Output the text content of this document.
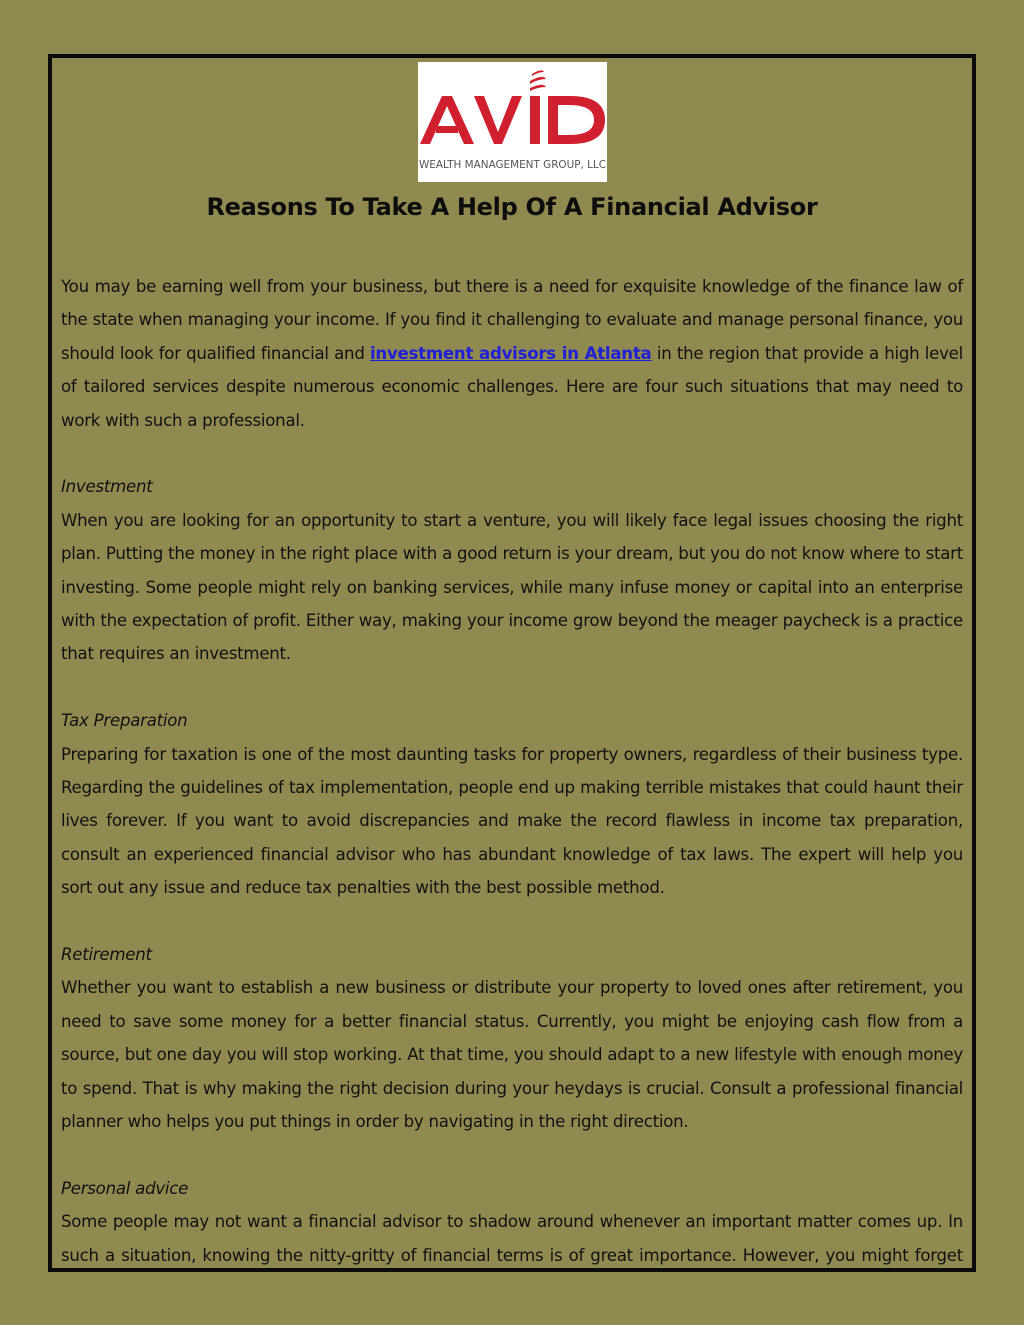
WEALTH MANAGEMENT GROUP, LLC
Reasons To Take A Help Of A Financial Advisor

You may be earning well from your business, but there is a need for exquisite knowledge of the finance law of the state when managing your income. If you find it challenging to evaluate and manage personal finance, you should look for qualified financial and investment advisors in Atlanta in the region that provide a high level of tailored services despite numerous economic challenges. Here are four such situations that may need to work with such a professional.

Investment

When you are looking for an opportunity to start a venture, you will likely face legal issues choosing the right plan. Putting the money in the right place with a good return is your dream, but you do not know where to start investing. Some people might rely on banking services, while many infuse money or capital into an enterprise with the expectation of profit. Either way, making your income grow beyond the meager paycheck is a practice that requires an investment.

Tax Preparation

Preparing for taxation is one of the most daunting tasks for property owners, regardless of their business type. Regarding the guidelines of tax implementation, people end up making terrible mistakes that could haunt their lives forever. If you want to avoid discrepancies and make the record flawless in income tax preparation, consult an experienced financial advisor who has abundant knowledge of tax laws. The expert will help you sort out any issue and reduce tax penalties with the best possible method.

Retirement

Whether you want to establish a new business or distribute your property to loved ones after retirement, you need to save some money for a better financial status. Currently, you might be enjoying cash flow from a source, but one day you will stop working. At that time, you should adapt to a new lifestyle with enough money to spend. That is why making the right decision during your heydays is crucial. Consult a professional financial planner who helps you put things in order by navigating in the right direction.

Personal advice

Some people may not want a financial advisor to shadow around whenever an important matter comes up. In such a situation, knowing the nitty-gritty of financial terms is of great importance. However, you might forget
